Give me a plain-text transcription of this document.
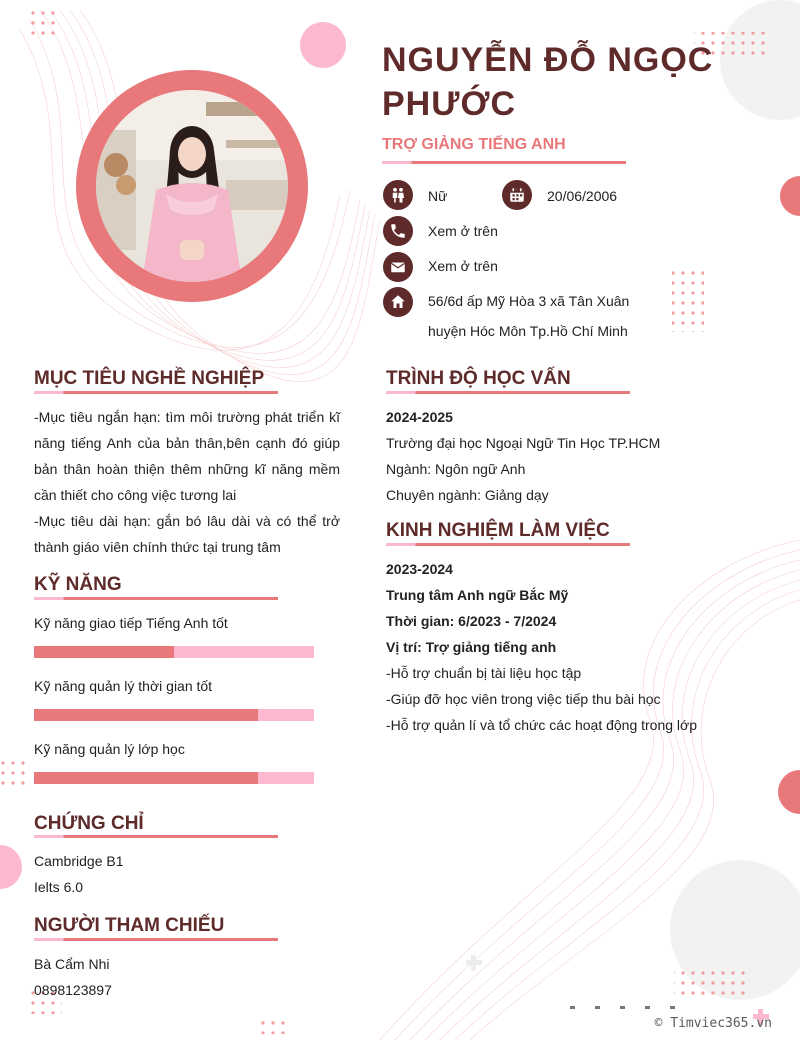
NGUYỄN ĐỖ NGỌC PHƯỚC

TRỢ GIẢNG TIẾNG ANH

Nữ	20/06/2006
Xem ở trên
Xem ở trên
56/6d ấp Mỹ Hòa 3 xã Tân Xuân
huyện Hóc Môn Tp.Hồ Chí Minh
MỤC TIÊU NGHỀ NGHIỆP
-Mục tiêu ngắn hạn: tìm môi trường phát triển kĩ năng tiếng Anh của bản thân,bên cạnh đó giúp bản thân hoàn thiện thêm những kĩ năng mềm cần thiết cho công việc tương lai
-Mục tiêu dài hạn: gắn bó lâu dài và có thể trở thành giáo viên chính thức tại trung tâm
KỸ NĂNG
Kỹ năng giao tiếp Tiếng Anh tốt
Kỹ năng quản lý thời gian tốt
Kỹ năng quản lý lớp học
CHỨNG CHỈ
Cambridge B1
Ielts 6.0
NGƯỜI THAM CHIẾU
Bà Cẩm Nhi
0898123897
TRÌNH ĐỘ HỌC VẤN
2024-2025
Trường đại học Ngoại Ngữ Tin Học TP.HCM
Ngành: Ngôn ngữ Anh
Chuyên ngành: Giảng dạy
KINH NGHIỆM LÀM VIỆC
2023-2024
Trung tâm Anh ngữ Bắc Mỹ
Thời gian: 6/2023 - 7/2024
Vị trí: Trợ giảng tiếng anh
-Hỗ trợ chuẩn bị tài liệu học tập
-Giúp đỡ học viên trong việc tiếp thu bài học
-Hỗ trợ quản lí và tổ chức các hoạt động trong lớp
© Timviec365.vn
